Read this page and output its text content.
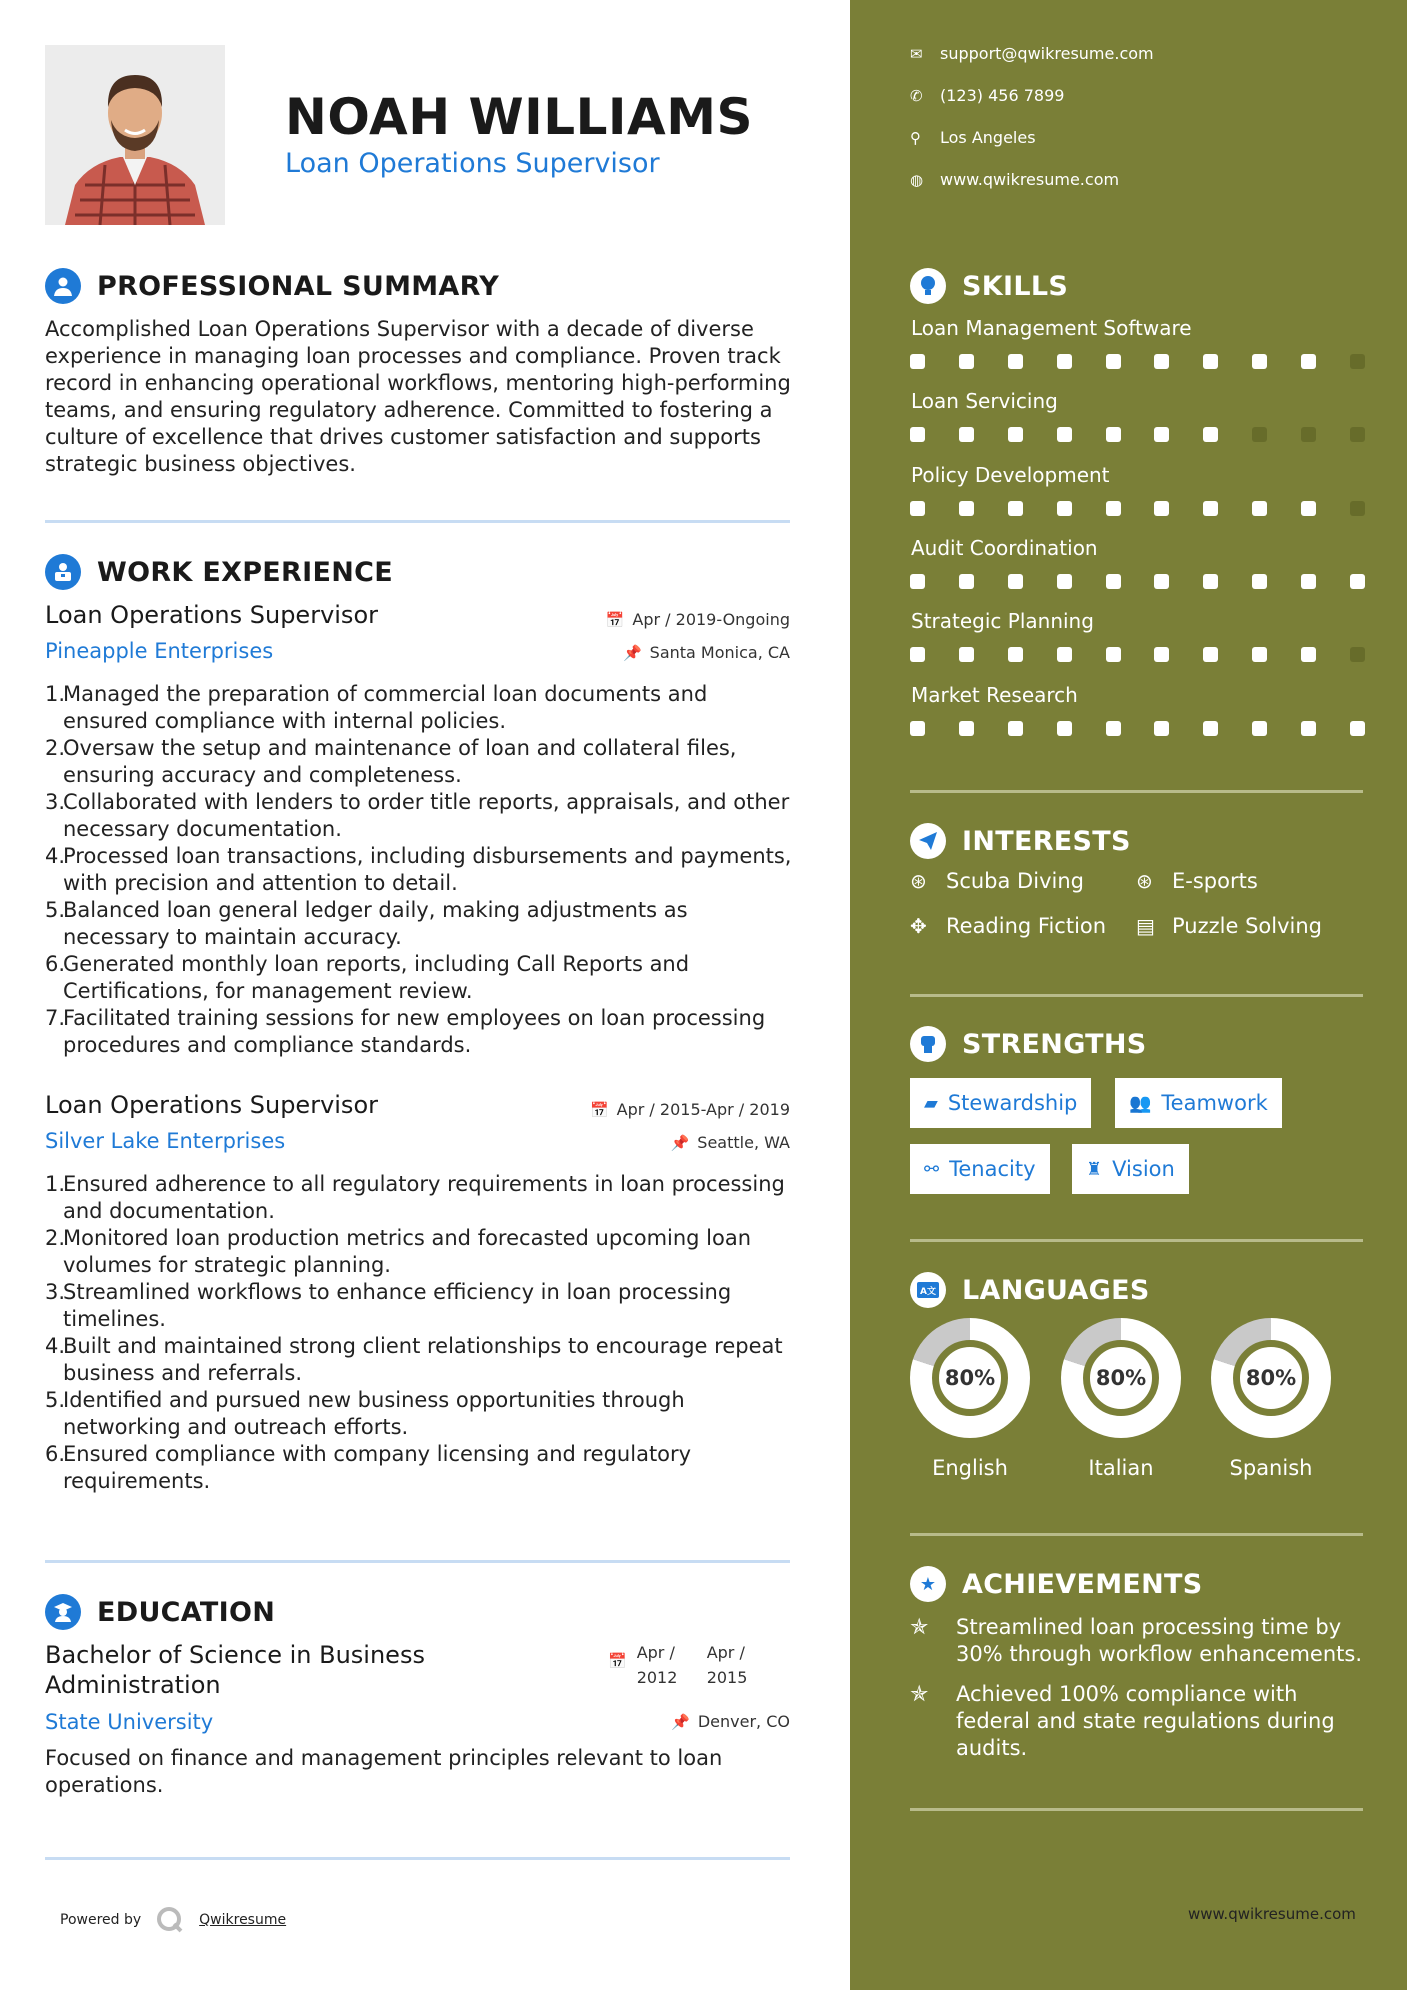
NOAH WILLIAMS
Loan Operations Supervisor
PROFESSIONAL SUMMARY
Accomplished Loan Operations Supervisor with a decade of diverse experience in managing loan processes and compliance. Proven track record in enhancing operational workflows, mentoring high-performing teams, and ensuring regulatory adherence. Committed to fostering a culture of excellence that drives customer satisfaction and supports strategic business objectives.
WORK EXPERIENCE
Loan Operations Supervisor	📅 Apr / 2019-Ongoing
Pineapple Enterprises	📌 Santa Monica, CA
1.
Managed the preparation of commercial loan documents and ensured compliance with internal policies.
2.
Oversaw the setup and maintenance of loan and collateral files, ensuring accuracy and completeness.
3.
Collaborated with lenders to order title reports, appraisals, and other necessary documentation.
4.
Processed loan transactions, including disbursements and payments, with precision and attention to detail.
5.
Balanced loan general ledger daily, making adjustments as necessary to maintain accuracy.
6.
Generated monthly loan reports, including Call Reports and Certifications, for management review.
7.
Facilitated training sessions for new employees on loan processing procedures and compliance standards.
Loan Operations Supervisor	📅 Apr / 2015-Apr / 2019
Silver Lake Enterprises	📌 Seattle, WA
1.
Ensured adherence to all regulatory requirements in loan processing and documentation.
2.
Monitored loan production metrics and forecasted upcoming loan volumes for strategic planning.
3.
Streamlined workflows to enhance efficiency in loan processing timelines.
4.
Built and maintained strong client relationships to encourage repeat business and referrals.
5.
Identified and pursued new business opportunities through networking and outreach efforts.
6.
Ensured compliance with company licensing and regulatory requirements.
EDUCATION
Bachelor of Science in Business Administration
📅 Apr /
2012
Apr /
2015
State University	📌 Denver, CO
Focused on finance and management principles relevant to loan operations.
Powered by	Qwikresume
✉	support@qwikresume.com
✆	(123) 456 7899
⚲	Los Angeles
◍	www.qwikresume.com
SKILLS
Loan Management Software
Loan Servicing
Policy Development
Audit Coordination
Strategic Planning
Market Research
INTERESTS
⊛ Scuba Diving	⊛ E-sports
✥ Reading Fiction ▤ Puzzle Solving
STRENGTHS
▰ Stewardship	👥 Teamwork
⚯ Tenacity	♜ Vision
A文 LANGUAGES
80%
English
80%
Italian
80%
Spanish
★ ACHIEVEMENTS
✯	Streamlined loan processing time by 30% through workflow enhancements.
✯	Achieved 100% compliance with federal and state regulations during audits.
www.qwikresume.com
